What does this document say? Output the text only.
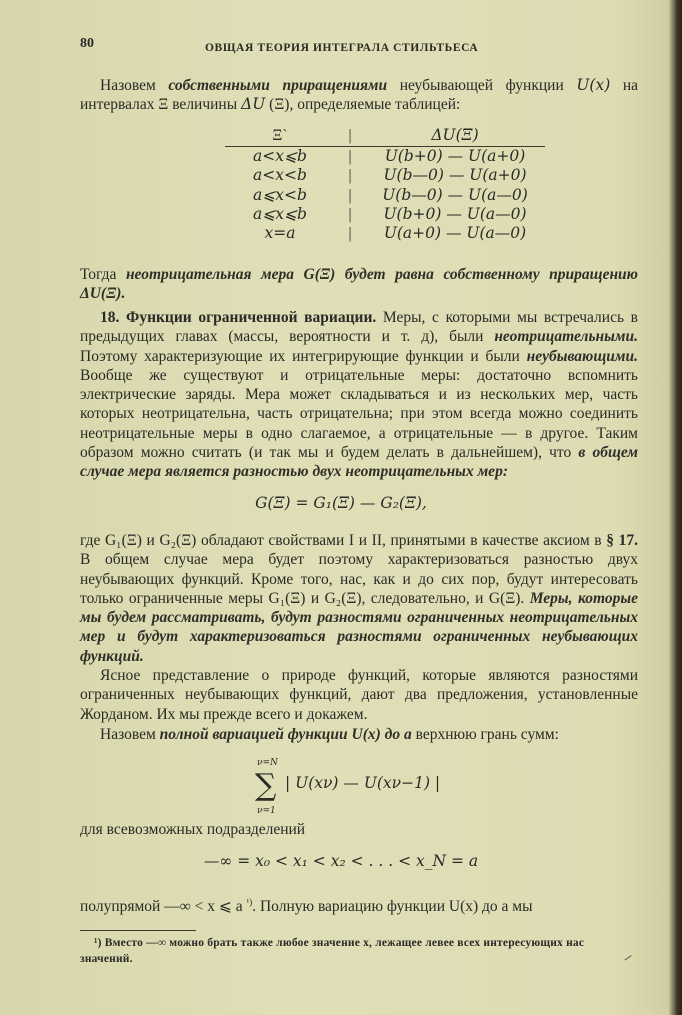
80	ОВЩАЯ ТЕОРИЯ ИНТЕГРАЛА СТИЛЬТЬЕСА

Назовем собственными приращениями неубывающей функции U(x) на интервалах Ξ величины ΔU (Ξ), определяемые таблицей:

Ξ`	|	ΔU(Ξ)
a<x⩽b	|	U(b+0) — U(a+0)
a<x<b	|	U(b—0) — U(a+0)
a⩽x<b	|	U(b—0) — U(a—0)
a⩽x⩽b	|	U(b+0) — U(a—0)
x=a	|	U(a+0) — U(a—0)

Тогда неотрицательная мера G(Ξ) будет равна собственному приращению ΔU(Ξ).

18. Функции ограниченной вариации. Меры, с которыми мы встречались в предыдущих главах (массы, вероятности и т. д), были неотрицательными. Поэтому характеризующие их интегрирующие функции и были неубывающими. Вообще же существуют и отрицательные меры: достаточно вспомнить электрические заряды. Мера может складываться и из нескольких мер, часть которых неотрицательна, часть отрицательна; при этом всегда можно соединить неотрицательные меры в одно слагаемое, а отрицательные — в другое. Таким образом можно считать (и так мы и будем делать в дальнейшем), что в общем случае мера является разностью двух неотрицательных мер:

G(Ξ) = G₁(Ξ) — G₂(Ξ),

где G₁(Ξ) и G₂(Ξ) обладают свойствами I и II, принятыми в качестве аксиом в § 17. В общем случае мера будет поэтому характеризоваться разностью двух неубывающих функций. Кроме того, нас, как и до сих пор, будут интересовать только ограниченные меры G₁(Ξ) и G₂(Ξ), следовательно, и G(Ξ). Меры, которые мы будем рассматривать, будут разностями ограниченных неотрицательных мер и будут характеризоваться разностями ограниченных неубывающих функций.

Ясное представление о природе функций, которые являются разностями ограниченных неубывающих функций, дают два предложения, установленные Жорданом. Их мы прежде всего и докажем.

Назовем полной вариацией функции U(x) до a верхнюю грань сумм:

ν=N
∑ | U(xν) — U(xν−1) |
ν=1

для всевозможных подразделений

—∞ = x₀ < x₁ < x₂ < . . . < x_N = a

полупрямой —∞ < x ⩽ a $^{^1)}$. Полную вариацию функции U(x) до a мы

¹) Вместо —∞ можно брать также любое значение x, лежащее левее всех интересующих нас значений.
